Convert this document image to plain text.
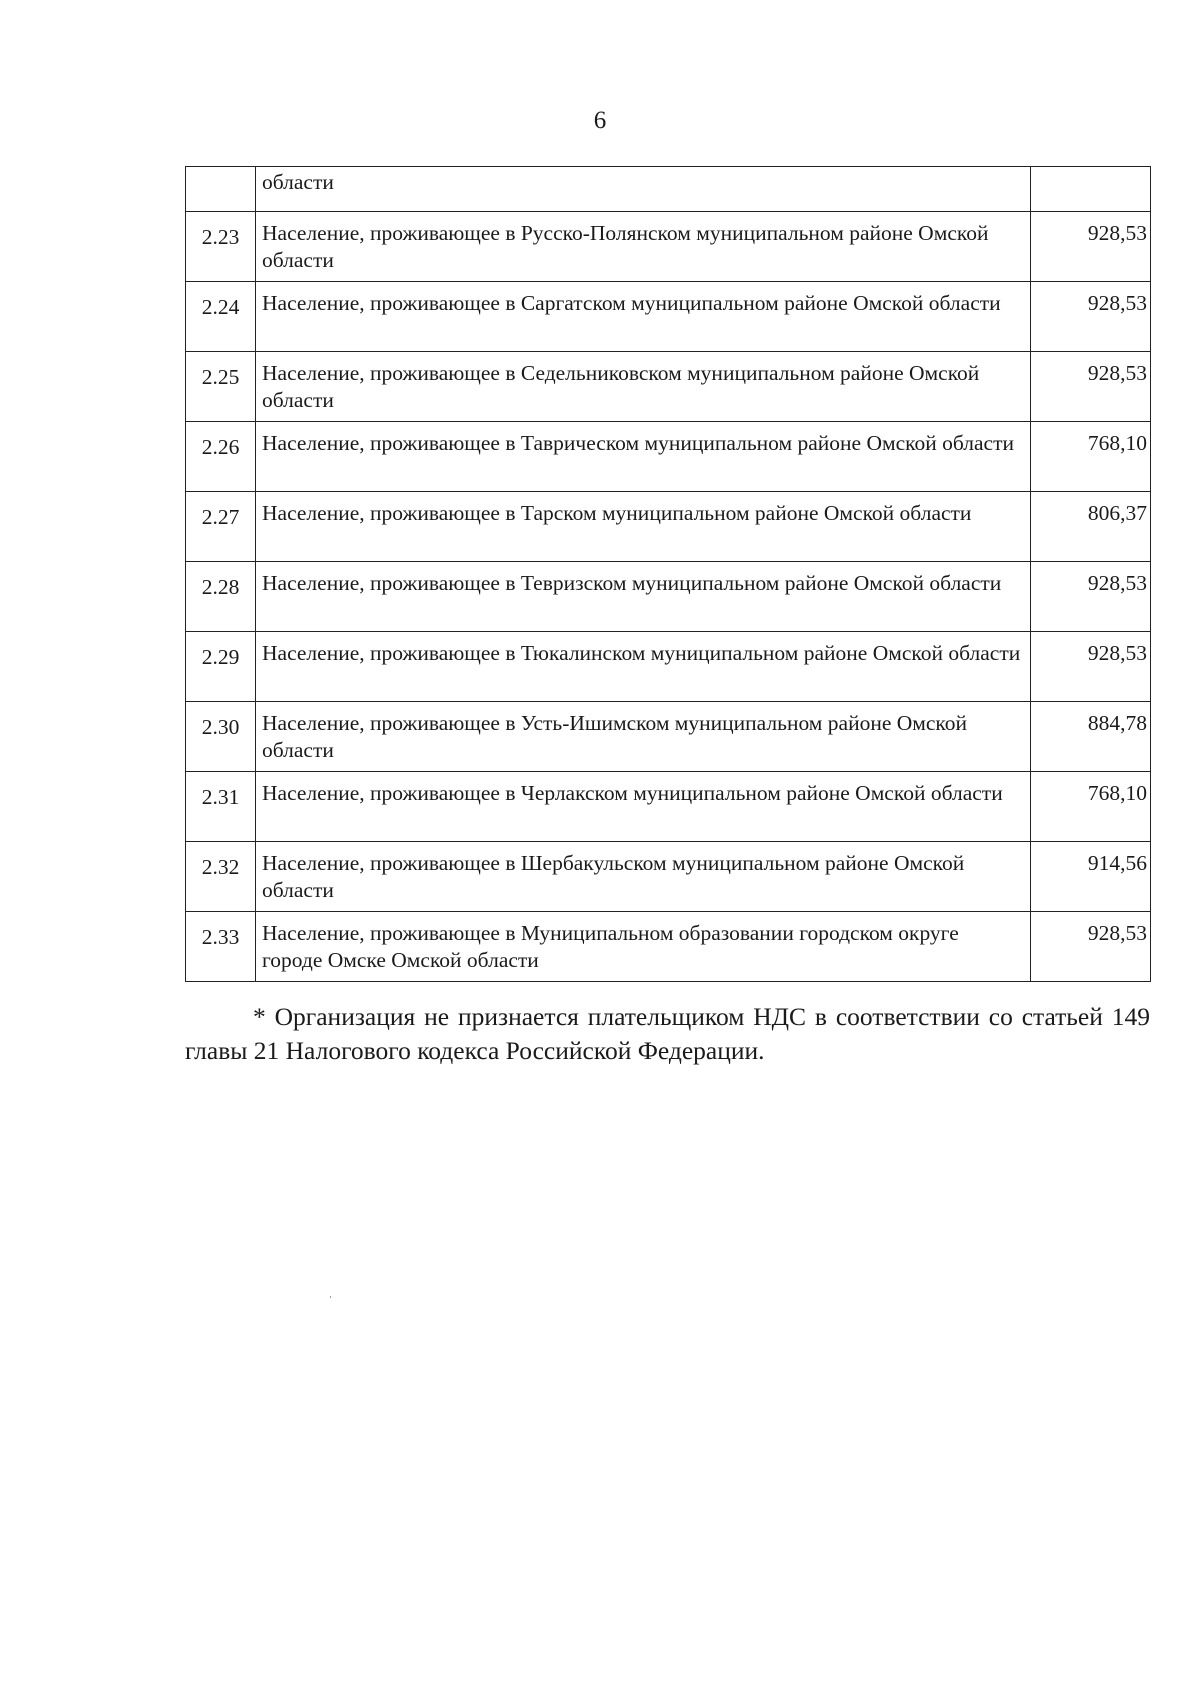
6
	области	
2.23	Население, проживающее в Русско-Полянском муниципальном районе Омской области	928,53
2.24	Население, проживающее в Саргатском муниципальном районе Омской области	928,53
2.25	Население, проживающее в Седельниковском муниципальном районе Омской области	928,53
2.26	Население, проживающее в Таврическом муниципальном районе Омской области	768,10
2.27	Население, проживающее в Тарском муниципальном районе Омской области	806,37
2.28	Население, проживающее в Тевризском муниципальном районе Омской области	928,53
2.29	Население, проживающее в Тюкалинском муниципальном районе Омской области	928,53
2.30	Население, проживающее в Усть-Ишимском муниципальном районе Омской области	884,78
2.31	Население, проживающее в Черлакском муниципальном районе Омской области	768,10
2.32	Население, проживающее в Шербакульском муниципальном районе Омской области	914,56
2.33	Население, проживающее в Муниципальном образовании городском округе городе Омске Омской области	928,53

* Организация не признается плательщиком НДС в соответствии со статьей 149 главы 21 Налогового кодекса Российской Федерации.
